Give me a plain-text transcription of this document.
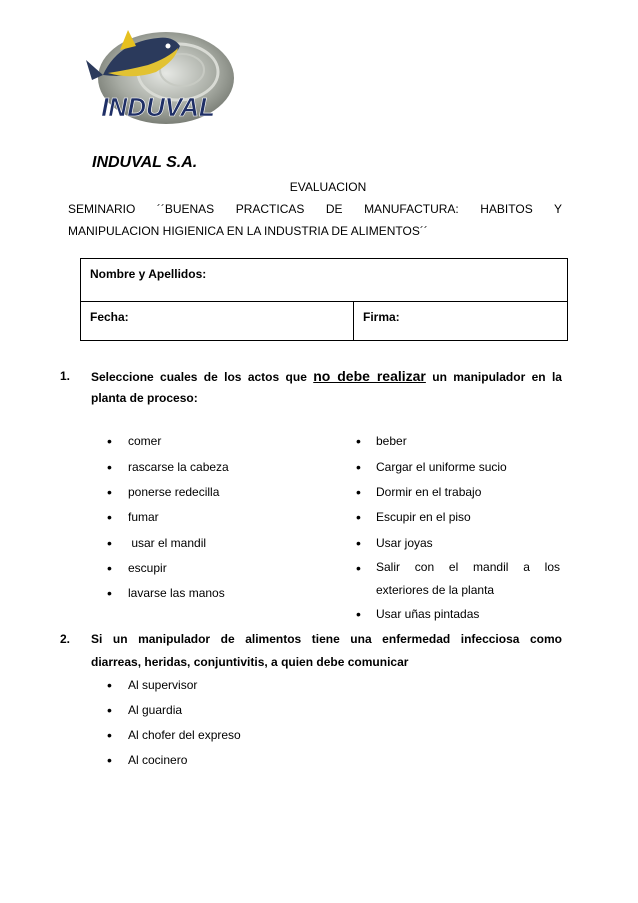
INDUVAL
INDUVAL S.A.
EVALUACION
SEMINARIO ´´BUENAS PRACTICAS DE MANUFACTURA: HABITOS Y
MANIPULACION HIGIENICA EN LA INDUSTRIA DE ALIMENTOS´´
Nombre y Apellidos:
Fecha:	Firma:
1. Seleccione cuales de los actos que no debe realizar un manipulador en la
planta de proceso:
• comer
• rascarse la cabeza
• ponerse redecilla
• fumar
• usar el mandil
• escupir
• lavarse las manos
• beber
• Cargar el uniforme sucio
• Dormir en el trabajo
• Escupir en el piso
• Usar joyas
• Salir con el mandil a los
exteriores de la planta
• Usar uñas pintadas
2. Si un manipulador de alimentos tiene una enfermedad infecciosa como
diarreas, heridas, conjuntivitis, a quien debe comunicar
• Al supervisor
• Al guardia
• Al chofer del expreso
• Al cocinero
